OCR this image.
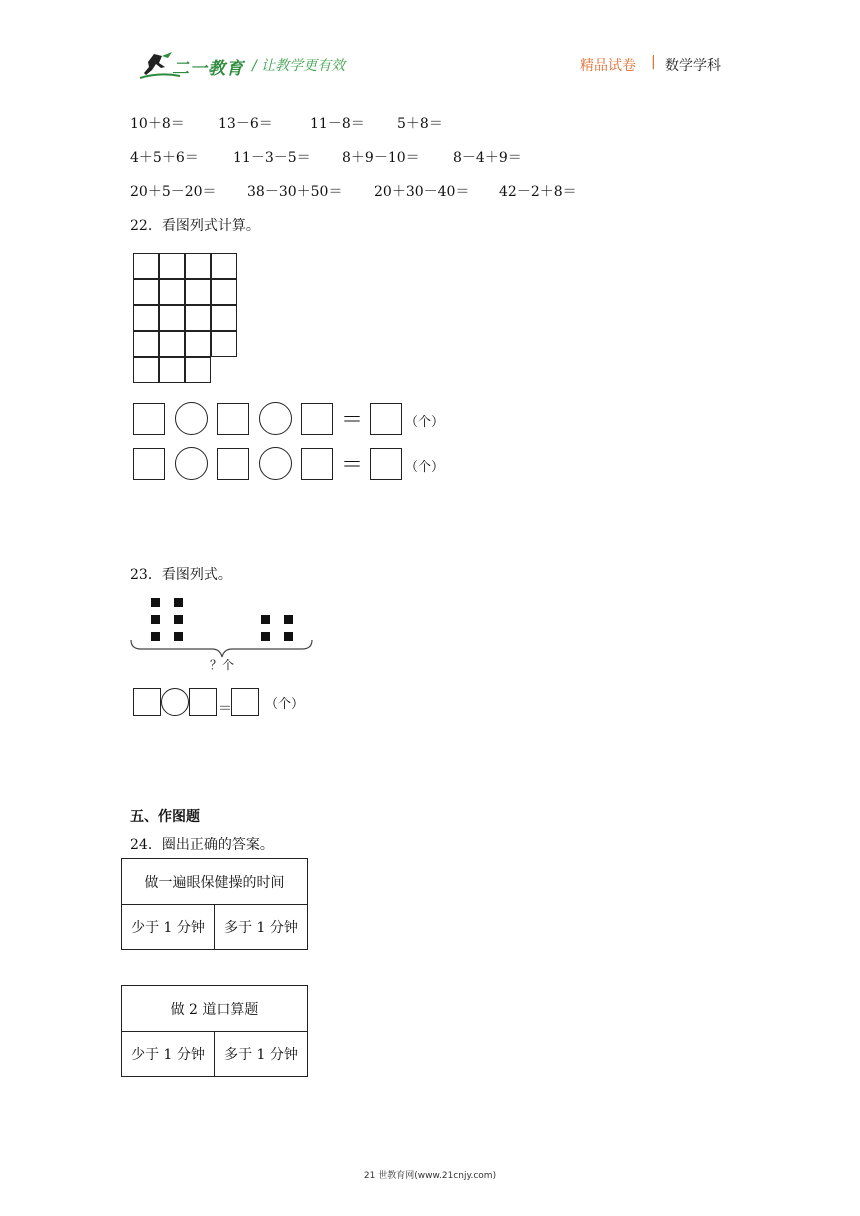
二一教育 / 让教学更有效	精品试卷 | 数学学科
10＋8＝ 13－6＝	11－8＝ 5＋8＝
4＋5＋6＝ 11－3－5＝ 8＋9－10＝ 8－4＋9＝
20＋5－20＝ 38－30＋50＝ 20＋30－40＝ 42－2＋8＝
22．看图列式计算。
＝	（个）
＝	（个）
23．看图列式。
？个
＝	（个）
五、作图题
24．圈出正确的答案。
做一遍眼保健操的时间
少于 1 分钟	多于 1 分钟
做 2 道口算题
少于 1 分钟	多于 1 分钟
21 世教育网(www.21cnjy.com)
